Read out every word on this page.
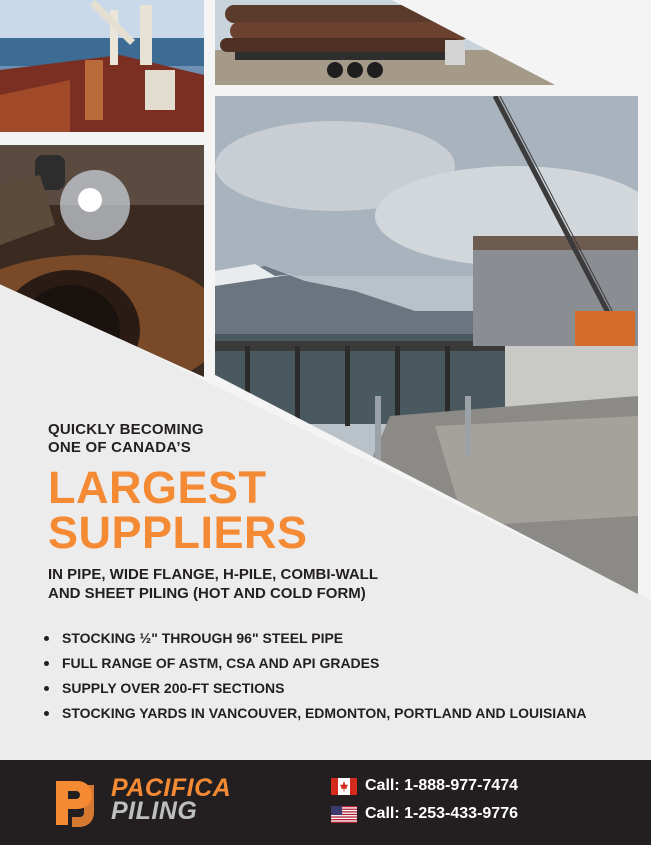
QUICKLY BECOMING
ONE OF CANADA’S
LARGEST
SUPPLIERS
IN PIPE, WIDE FLANGE, H-PILE, COMBI-WALL
AND SHEET PILING (HOT AND COLD FORM)
STOCKING ½" THROUGH 96" STEEL PIPE
FULL RANGE OF ASTM, CSA AND API GRADES
SUPPLY OVER 200-FT SECTIONS
STOCKING YARDS IN VANCOUVER, EDMONTON, PORTLAND AND LOUISIANA
PACIFICA
PILING
Call: 1-888-977-7474
Call: 1-253-433-9776
